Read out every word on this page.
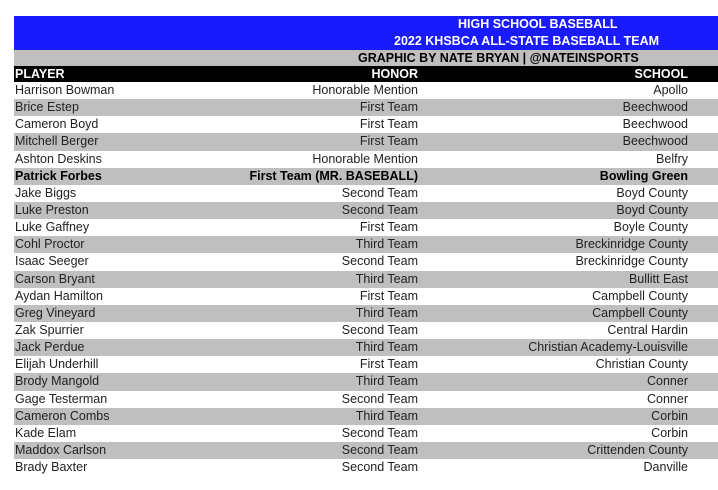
HIGH SCHOOL BASEBALL
2022 KHSBCA ALL-STATE BASEBALL TEAM
GRAPHIC BY NATE BRYAN | @NATEINSPORTS
PLAYER	HONOR	SCHOOL
Harrison Bowman	Honorable Mention	Apollo
Brice Estep	First Team	Beechwood
Cameron Boyd	First Team	Beechwood
Mitchell Berger	First Team	Beechwood
Ashton Deskins	Honorable Mention	Belfry
Patrick Forbes	First Team (MR. BASEBALL)	Bowling Green
Jake Biggs	Second Team	Boyd County
Luke Preston	Second Team	Boyd County
Luke Gaffney	First Team	Boyle County
Cohl Proctor	Third Team	Breckinridge County
Isaac Seeger	Second Team	Breckinridge County
Carson Bryant	Third Team	Bullitt East
Aydan Hamilton	First Team	Campbell County
Greg Vineyard	Third Team	Campbell County
Zak Spurrier	Second Team	Central Hardin
Jack Perdue	Third Team	Christian Academy-Louisville
Elijah Underhill	First Team	Christian County
Brody Mangold	Third Team	Conner
Gage Testerman	Second Team	Conner
Cameron Combs	Third Team	Corbin
Kade Elam	Second Team	Corbin
Maddox Carlson	Second Team	Crittenden County
Brady Baxter	Second Team	Danville
